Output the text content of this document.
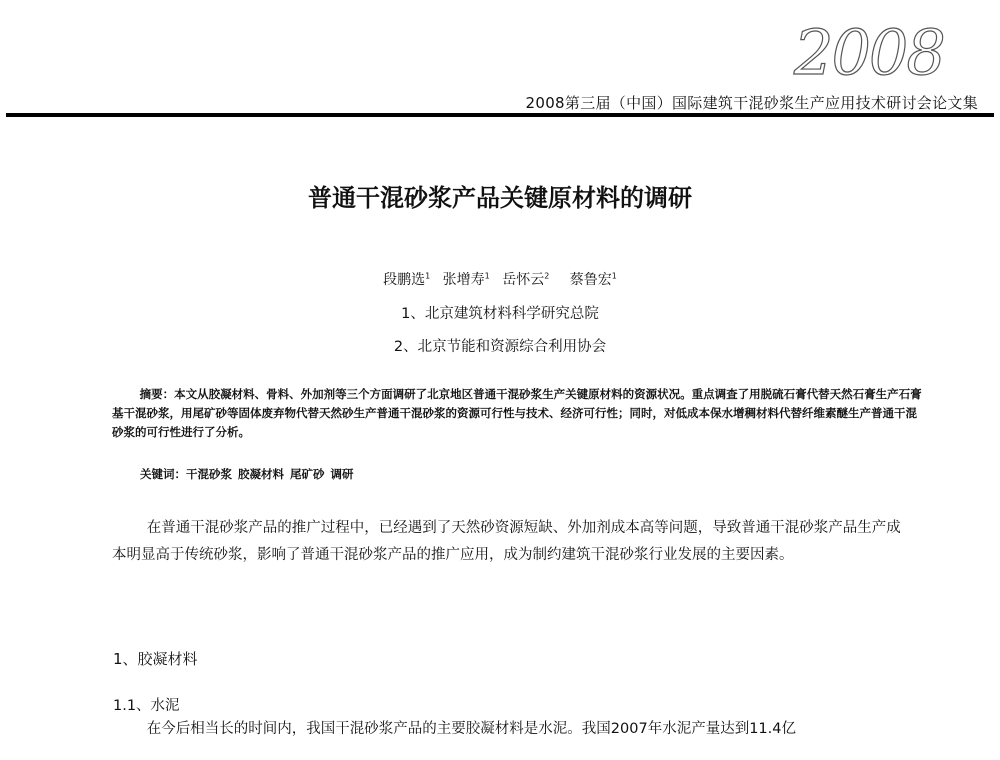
2008
2008第三届（中国）国际建筑干混砂浆生产应用技术研讨会论文集
普通干混砂浆产品关键原材料的调研
段鹏选$^1$ 张增寿$^1$ 岳怀云$^2$ 蔡鲁宏$^1$
1、北京建筑材料科学研究总院
2、北京节能和资源综合利用协会
摘要：本文从胶凝材料、骨料、外加剂等三个方面调研了北京地区普通干混砂浆生产关键原材料的资源状况。重点调查了用脱硫石膏代替天然石膏生产石膏基干混砂浆，用尾矿砂等固体废弃物代替天然砂生产普通干混砂浆的资源可行性与技术、经济可行性；同时，对低成本保水增稠材料代替纤维素醚生产普通干混砂浆的可行性进行了分析。
关键词：干混砂浆 胶凝材料 尾矿砂 调研
在普通干混砂浆产品的推广过程中，已经遇到了天然砂资源短缺、外加剂成本高等问题，导致普通干混砂浆产品生产成本明显高于传统砂浆，影响了普通干混砂浆产品的推广应用，成为制约建筑干混砂浆行业发展的主要因素。
1、胶凝材料
1.1、水泥
在今后相当长的时间内，我国干混砂浆产品的主要胶凝材料是水泥。我国2007年水泥产量达到11.4亿
